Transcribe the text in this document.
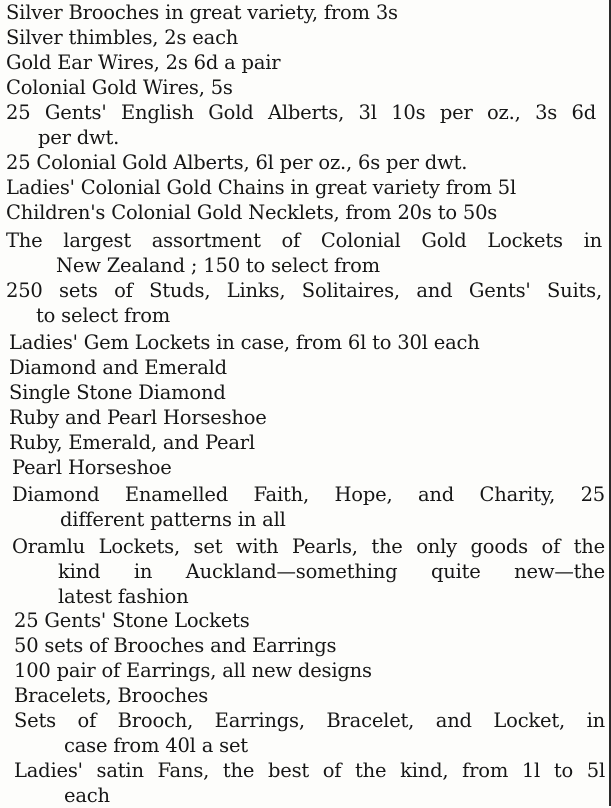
Silver Brooches in great variety, from 3s
Silver thimbles, 2s each
Gold Ear Wires, 2s 6d a pair
Colonial Gold Wires, 5s
25 Gents' English Gold Alberts, 3l 10s per oz., 3s 6d
per dwt.
25 Colonial Gold Alberts, 6l per oz., 6s per dwt.
Ladies' Colonial Gold Chains in great variety from 5l
Children's Colonial Gold Necklets, from 20s to 50s
The largest assortment of Colonial Gold Lockets in
New Zealand ; 150 to select from
250 sets of Studs, Links, Solitaires, and Gents' Suits,
to select from
Ladies' Gem Lockets in case, from 6l to 30l each
Diamond and Emerald
Single Stone Diamond
Ruby and Pearl Horseshoe
Ruby, Emerald, and Pearl
Pearl Horseshoe
Diamond Enamelled Faith, Hope, and Charity, 25
different patterns in all
Oramlu Lockets, set with Pearls, the only goods of the
kind in Auckland—something quite new—the
latest fashion
25 Gents' Stone Lockets
50 sets of Brooches and Earrings
100 pair of Earrings, all new designs
Bracelets, Brooches
Sets of Brooch, Earrings, Bracelet, and Locket, in
case from 40l a set
Ladies' satin Fans, the best of the kind, from 1l to 5l
each
